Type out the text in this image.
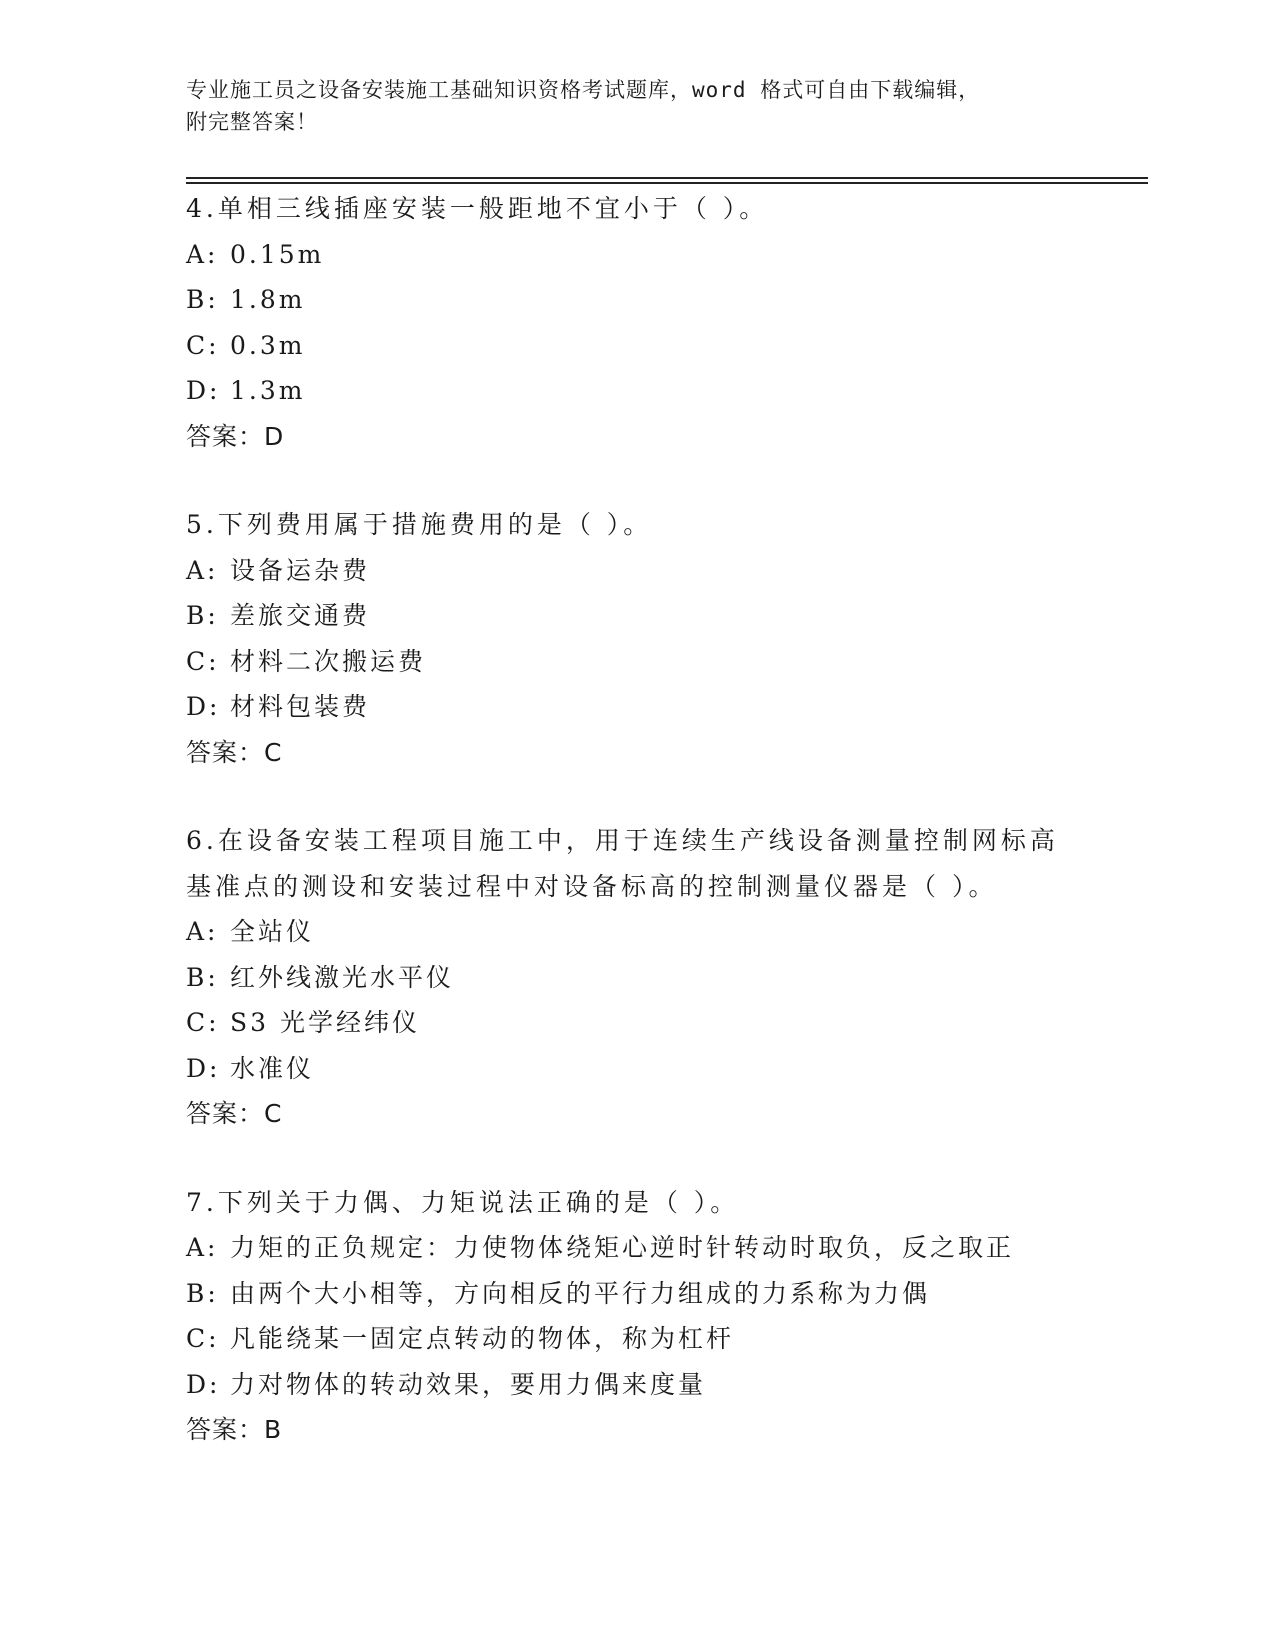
专业施工员之设备安装施工基础知识资格考试题库，word 格式可自由下载编辑，
附完整答案！
4.单相三线插座安装一般距地不宜小于（ ）。
A: 0.15m
B: 1.8m
C: 0.3m
D: 1.3m
答案：D
5.下列费用属于措施费用的是（ ）。
A: 设备运杂费
B: 差旅交通费
C: 材料二次搬运费
D: 材料包装费
答案：C
6.在设备安装工程项目施工中，用于连续生产线设备测量控制网标高基准点的测设和安装过程中对设备标高的控制测量仪器是（ ）。
A: 全站仪
B: 红外线激光水平仪
C: S3 光学经纬仪
D: 水准仪
答案：C
7.下列关于力偶、力矩说法正确的是（ ）。
A: 力矩的正负规定：力使物体绕矩心逆时针转动时取负，反之取正
B: 由两个大小相等，方向相反的平行力组成的力系称为力偶
C: 凡能绕某一固定点转动的物体，称为杠杆
D: 力对物体的转动效果，要用力偶来度量
答案：B
